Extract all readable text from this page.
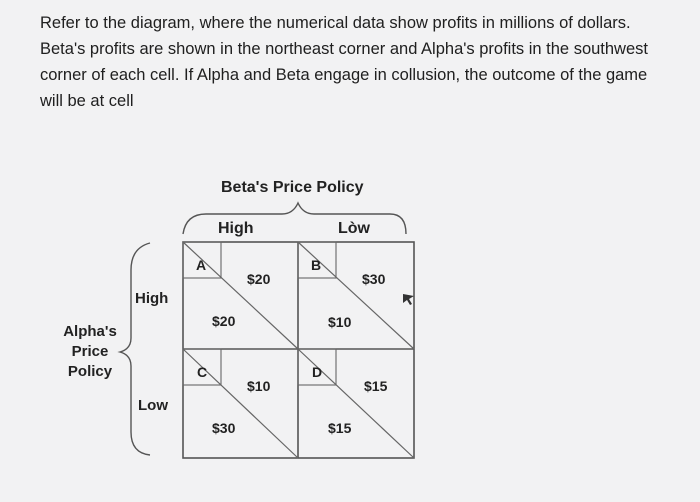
Refer to the diagram, where the numerical data show profits in millions of dollars.
Beta's profits are shown in the northeast corner and Alpha's profits in the southwest
corner of each cell. If Alpha and Beta engage in collusion, the outcome of the game
will be at cell
Beta's Price Policy
High	Lòw
Alpha's
Price
Policy
High
Low
A
$20
$20
B
$30
$10
C
$10
$30
D
$15
$15
